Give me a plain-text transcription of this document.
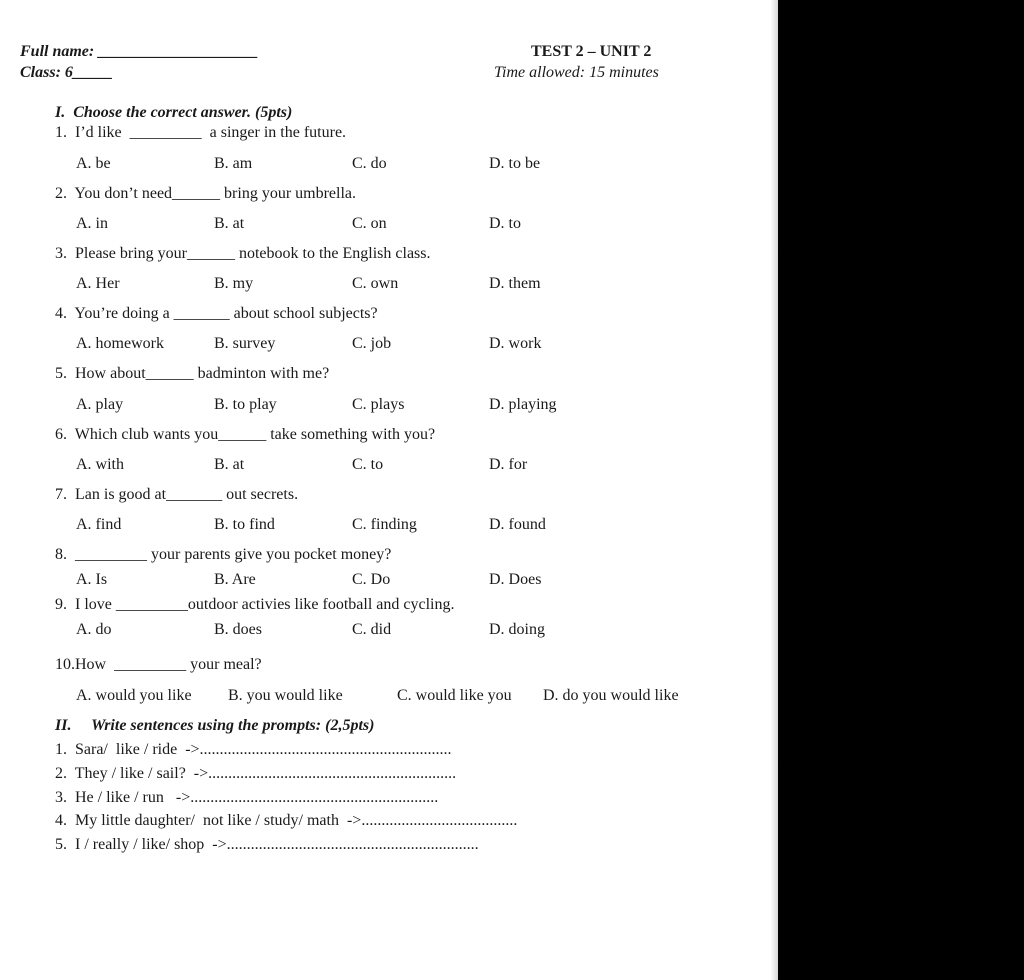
Full name: ____________________
Class: 6_____
TEST 2 – UNIT 2
Time allowed: 15 minutes
I.  Choose the correct answer. (5pts)
1.  I’d like  _________  a singer in the future.
A. be	B. am	C. do	D. to be
2.  You don’t need______ bring your umbrella.
A. in	B. at	C. on	D. to
3.  Please bring your______ notebook to the English class.
A. Her	B. my	C. own	D. them
4.  You’re doing a _______ about school subjects?
A. homework	B. survey	C. job	D. work
5.  How about______ badminton with me?
A. play	B. to play	C. plays	D. playing
6.  Which club wants you______ take something with you?
A. with	B. at	C. to	D. for
7.  Lan is good at_______ out secrets.
A. find	B. to find	C. finding	D. found
8.  _________ your parents give you pocket money?
A. Is	B. Are	C. Do	D. Does
9.  I love _________outdoor activies like football and cycling.
A. do	B. does	C. did	D. doing
10.How  _________ your meal?
A. would you like B. you would like	C. would like you D. do you would like
II.     Write sentences using the prompts: (2,5pts)
1.  Sara/  like / ride  ->...............................................................
2.  They / like / sail?  ->..............................................................
3.  He / like / run   ->..............................................................
4.  My little daughter/  not like / study/ math  ->.......................................
5.  I / really / like/ shop  ->...............................................................
